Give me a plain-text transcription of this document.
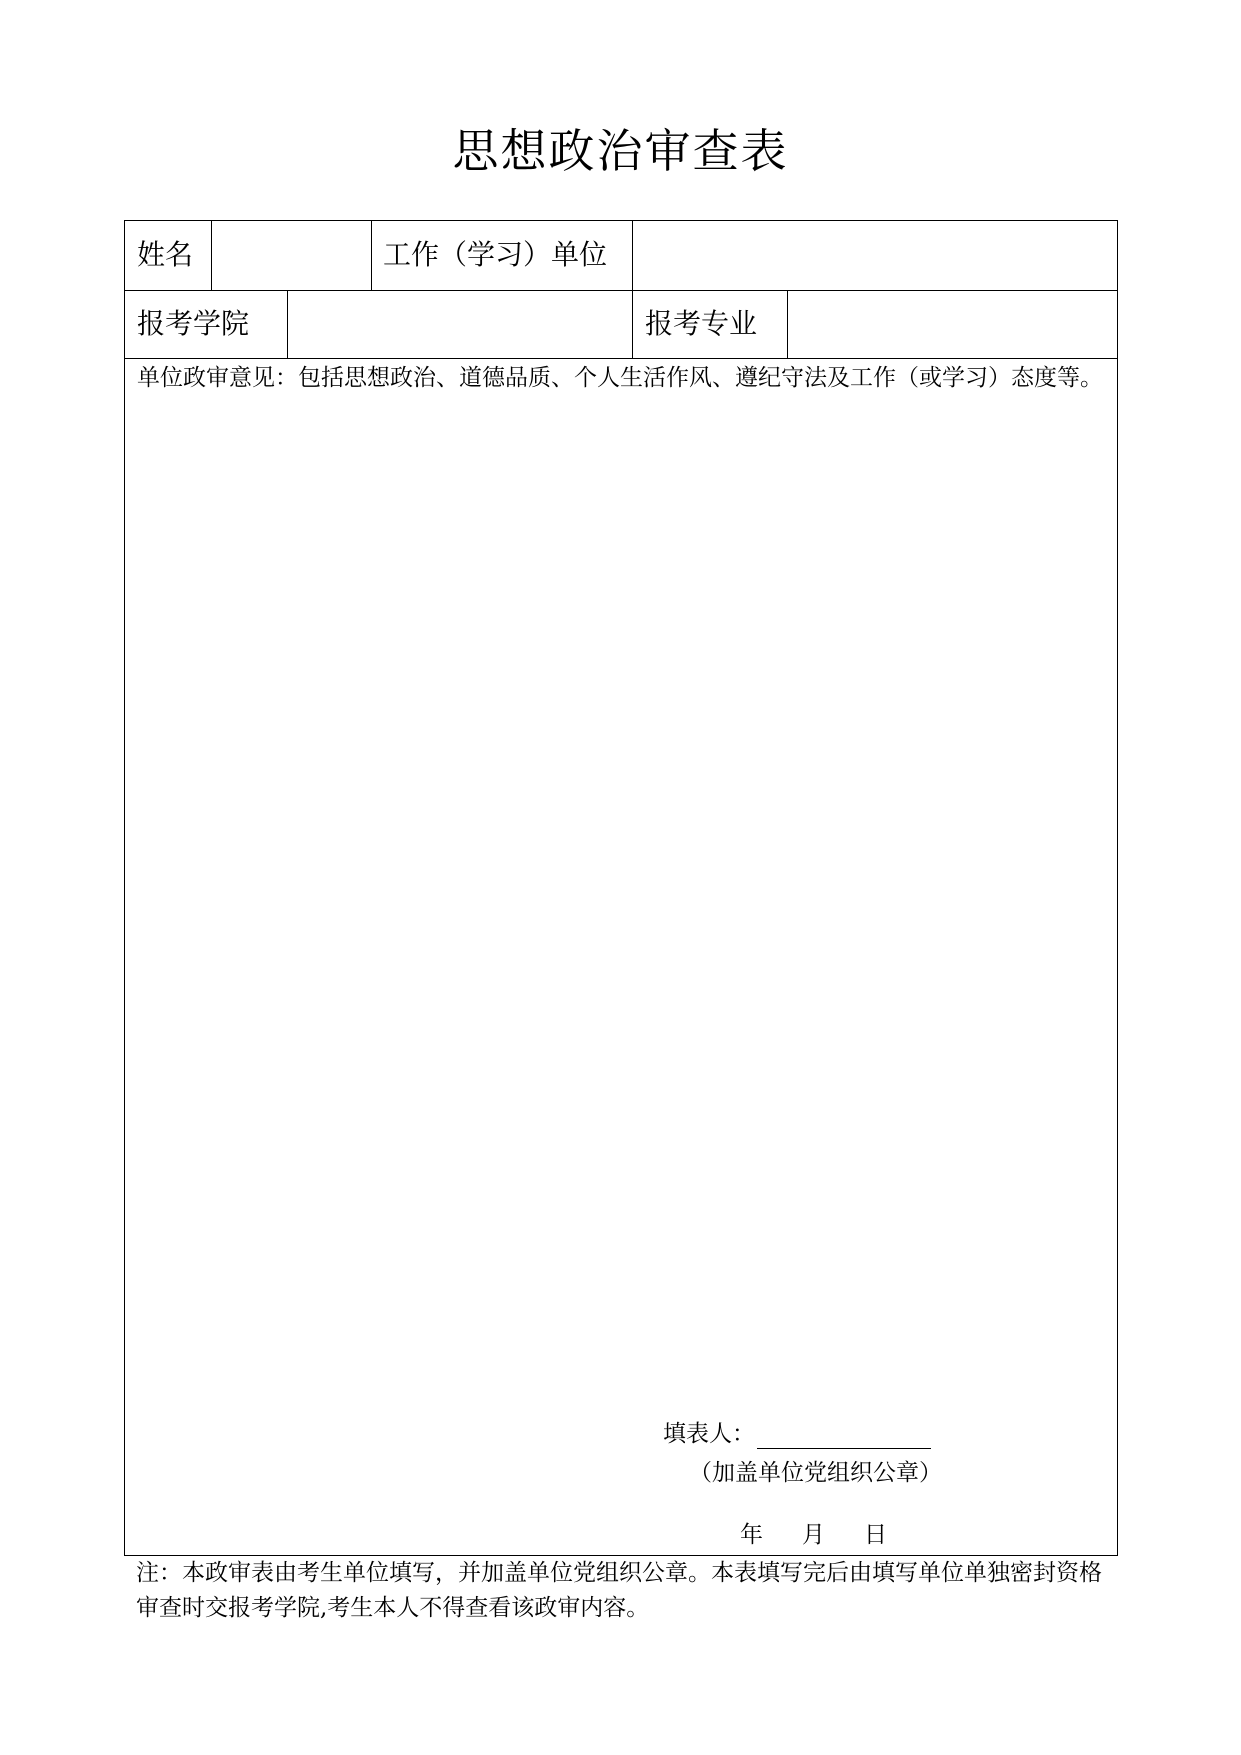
思想政治审查表
姓名	工作（学习）单位
报考学院	报考专业
单位政审意见：包括思想政治、道德品质、个人生活作风、遵纪守法及工作（或学习）态度等。
填表人：
（加盖单位党组织公章）
年 月 日
注：本政审表由考生单位填写，并加盖单位党组织公章。本表填写完后由填写单位单独密封资格审查时交报考学院,考生本人不得查看该政审内容。
